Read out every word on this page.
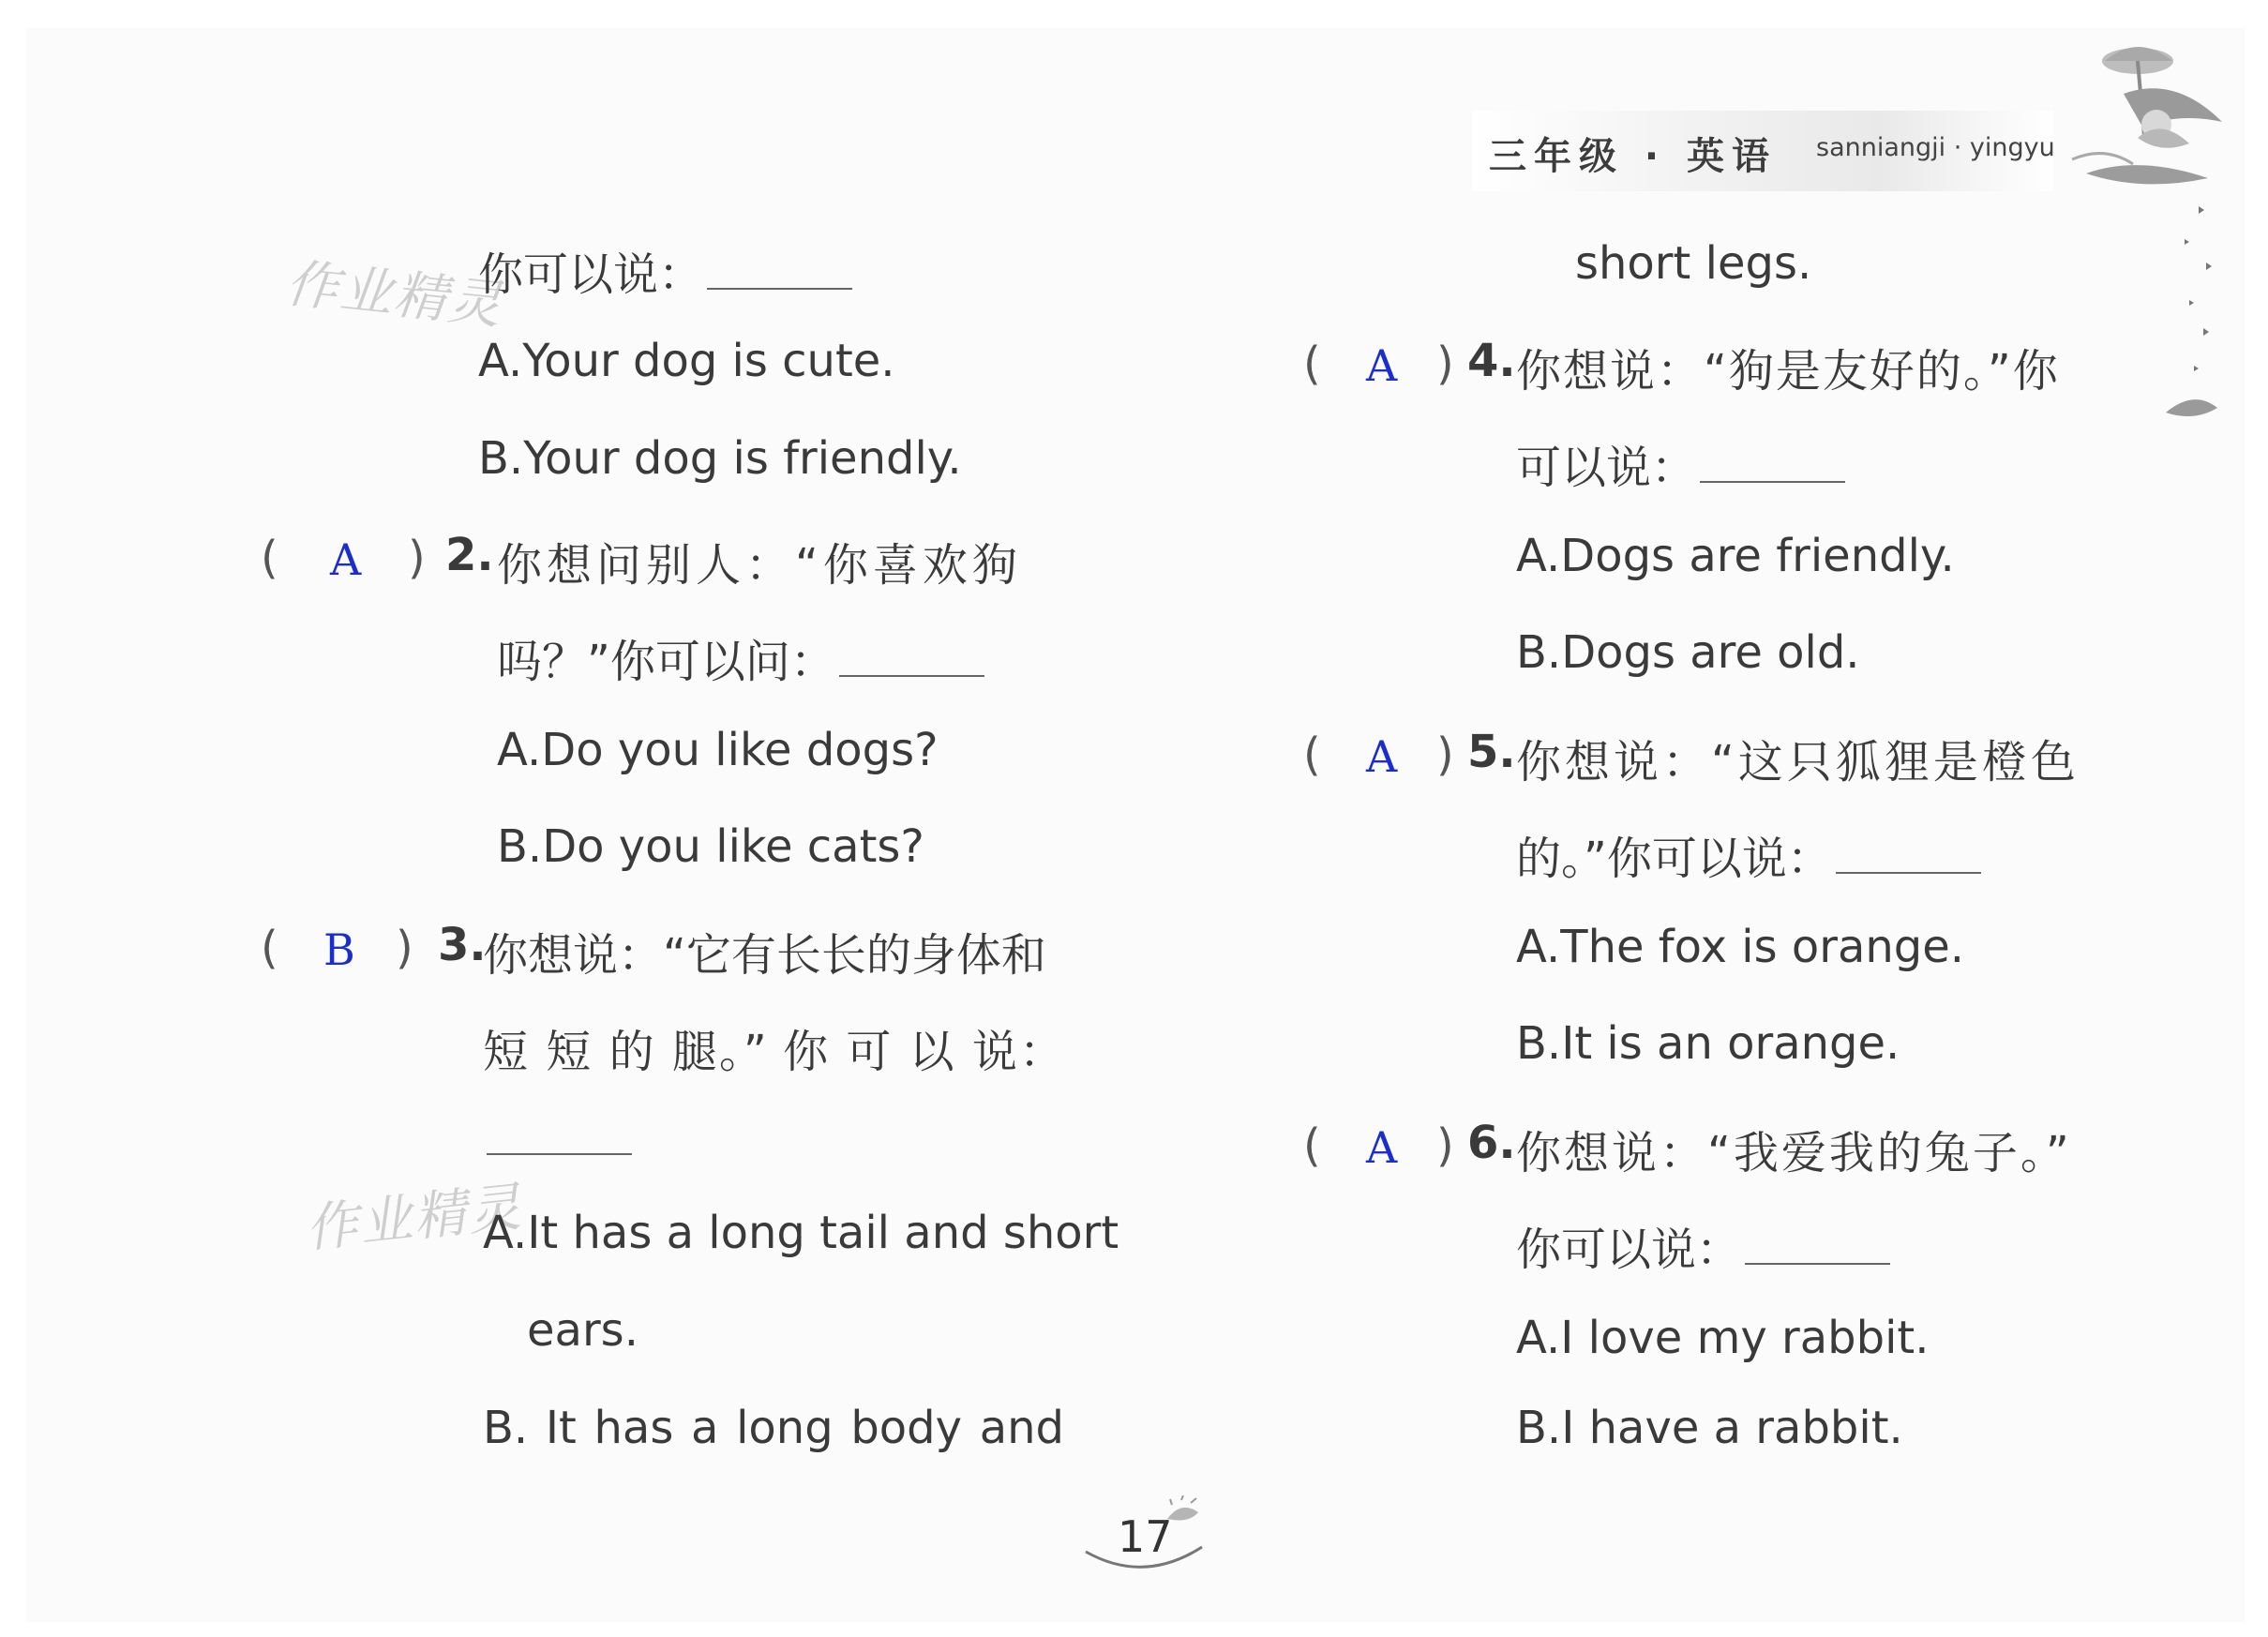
三年级 · 英语 sanniangji · yingyu
作业精灵
作业精灵
你可以说：
A.Your dog is cute.
B.Your dog is friendly.
( A ) 2. 你想问别人：“你喜欢狗
吗？”你可以问：
A.Do you like dogs?
B.Do you like cats?
( B ) 3.
你想说：“它有长长的身体和
短 短 的 腿。” 你 可 以 说：
A.It has a long tail and short
ears.
B. It has a long body and
short legs.
( A ) 4. 你想说：“狗是友好的。”你
可以说：
A.Dogs are friendly.
B.Dogs are old.
( A ) 5. 你想说：“这只狐狸是橙色
的。”你可以说：
A.The fox is orange.
B.It is an orange.
( A ) 6. 你想说：“我爱我的兔子。”
你可以说：
A.I love my rabbit.
B.I have a rabbit.
17
